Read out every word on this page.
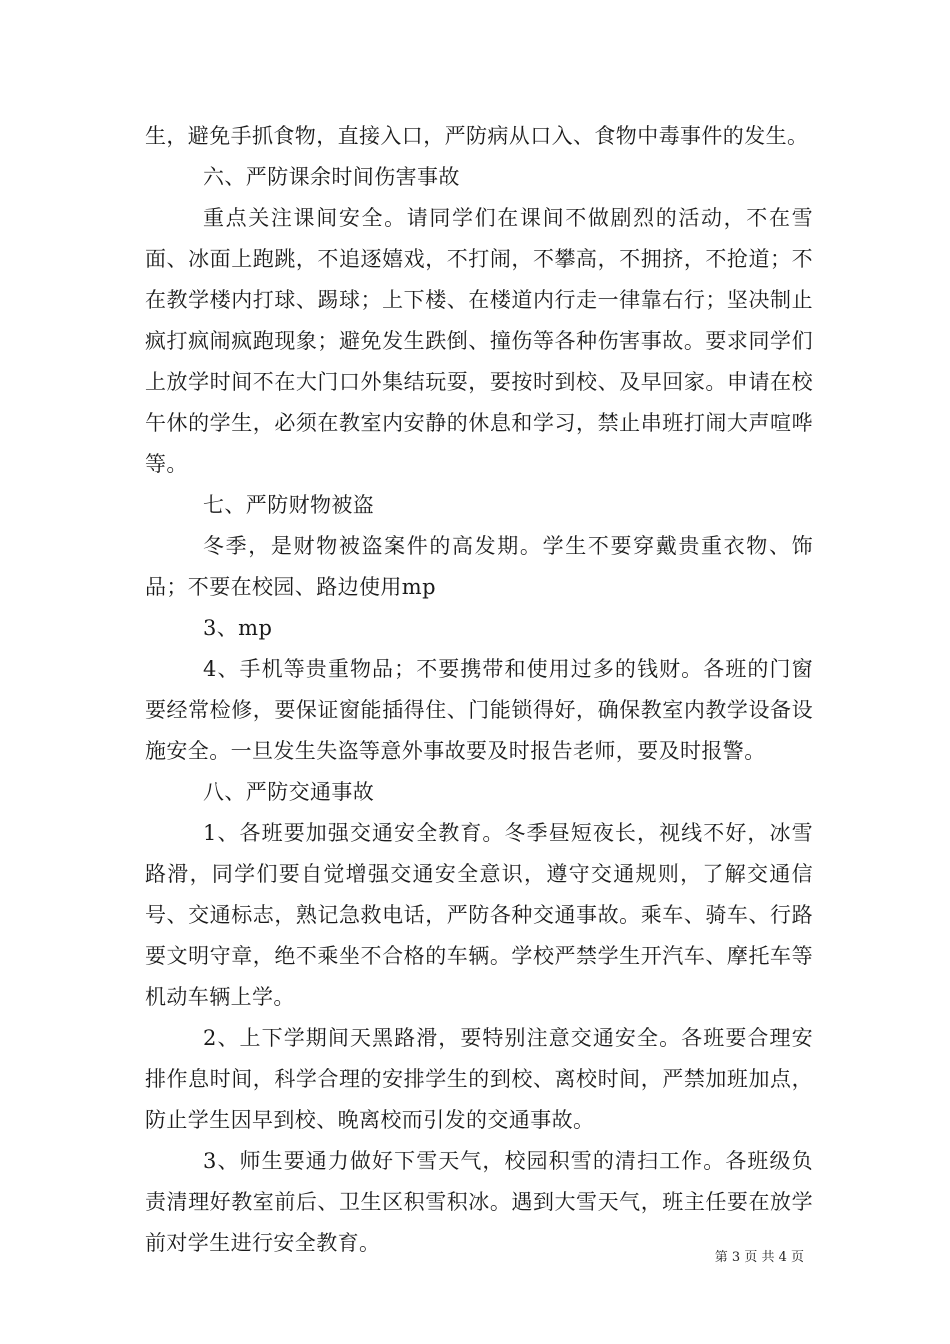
生，避免手抓食物，直接入口，严防病从口入、食物中毒事件的发生。

六、严防课余时间伤害事故

重点关注课间安全。请同学们在课间不做剧烈的活动，不在雪面、冰面上跑跳，不追逐嬉戏，不打闹，不攀高，不拥挤，不抢道；不在教学楼内打球、踢球；上下楼、在楼道内行走一律靠右行；坚决制止疯打疯闹疯跑现象；避免发生跌倒、撞伤等各种伤害事故。要求同学们上放学时间不在大门口外集结玩耍，要按时到校、及早回家。申请在校午休的学生，必须在教室内安静的休息和学习，禁止串班打闹大声喧哗等。

七、严防财物被盗

冬季，是财物被盗案件的高发期。学生不要穿戴贵重衣物、饰品；不要在校园、路边使用mp

3、mp

4、手机等贵重物品；不要携带和使用过多的钱财。各班的门窗要经常检修，要保证窗能插得住、门能锁得好，确保教室内教学设备设施安全。一旦发生失盗等意外事故要及时报告老师，要及时报警。

八、严防交通事故

1、各班要加强交通安全教育。冬季昼短夜长，视线不好，冰雪路滑，同学们要自觉增强交通安全意识，遵守交通规则，了解交通信号、交通标志，熟记急救电话，严防各种交通事故。乘车、骑车、行路要文明守章，绝不乘坐不合格的车辆。学校严禁学生开汽车、摩托车等机动车辆上学。

2、上下学期间天黑路滑，要特别注意交通安全。各班要合理安排作息时间，科学合理的安排学生的到校、离校时间，严禁加班加点，防止学生因早到校、晚离校而引发的交通事故。

3、师生要通力做好下雪天气，校园积雪的清扫工作。各班级负责清理好教室前后、卫生区积雪积冰。遇到大雪天气，班主任要在放学前对学生进行安全教育。

第 3 页 共 4 页
